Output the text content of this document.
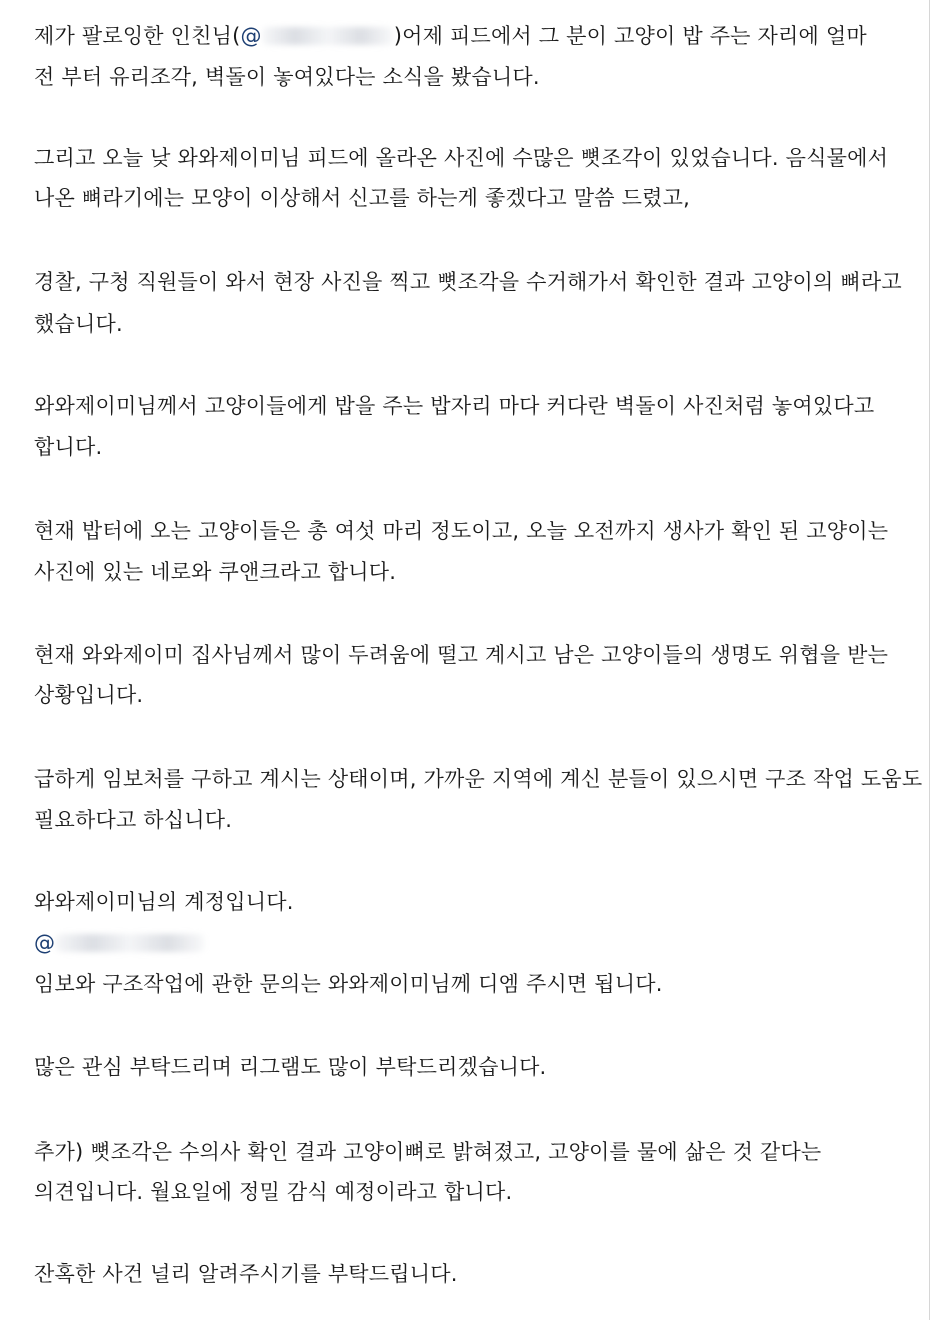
제가 팔로잉한 인친님(@	)어제 피드에서 그 분이 고양이 밥 주는 자리에 얼마
전 부터 유리조각, 벽돌이 놓여있다는 소식을 봤습니다.
그리고 오늘 낮 와와제이미님 피드에 올라온 사진에 수많은 뼛조각이 있었습니다. 음식물에서
나온 뼈라기에는 모양이 이상해서 신고를 하는게 좋겠다고 말씀 드렸고,
경찰, 구청 직원들이 와서 현장 사진을 찍고 뼛조각을 수거해가서 확인한 결과 고양이의 뼈라고
했습니다.
와와제이미님께서 고양이들에게 밥을 주는 밥자리 마다 커다란 벽돌이 사진처럼 놓여있다고
합니다.
현재 밥터에 오는 고양이들은 총 여섯 마리 정도이고, 오늘 오전까지 생사가 확인 된 고양이는
사진에 있는 네로와 쿠앤크라고 합니다.
현재 와와제이미 집사님께서 많이 두려움에 떨고 계시고 남은 고양이들의 생명도 위협을 받는
상황입니다.
급하게 임보처를 구하고 계시는 상태이며, 가까운 지역에 계신 분들이 있으시면 구조 작업 도움도
필요하다고 하십니다.
와와제이미님의 계정입니다.
@
임보와 구조작업에 관한 문의는 와와제이미님께 디엠 주시면 됩니다.
많은 관심 부탁드리며 리그램도 많이 부탁드리겠습니다.
추가) 뼛조각은 수의사 확인 결과 고양이뼈로 밝혀졌고, 고양이를 물에 삶은 것 같다는
의견입니다. 월요일에 정밀 감식 예정이라고 합니다.
잔혹한 사건 널리 알려주시기를 부탁드립니다.
